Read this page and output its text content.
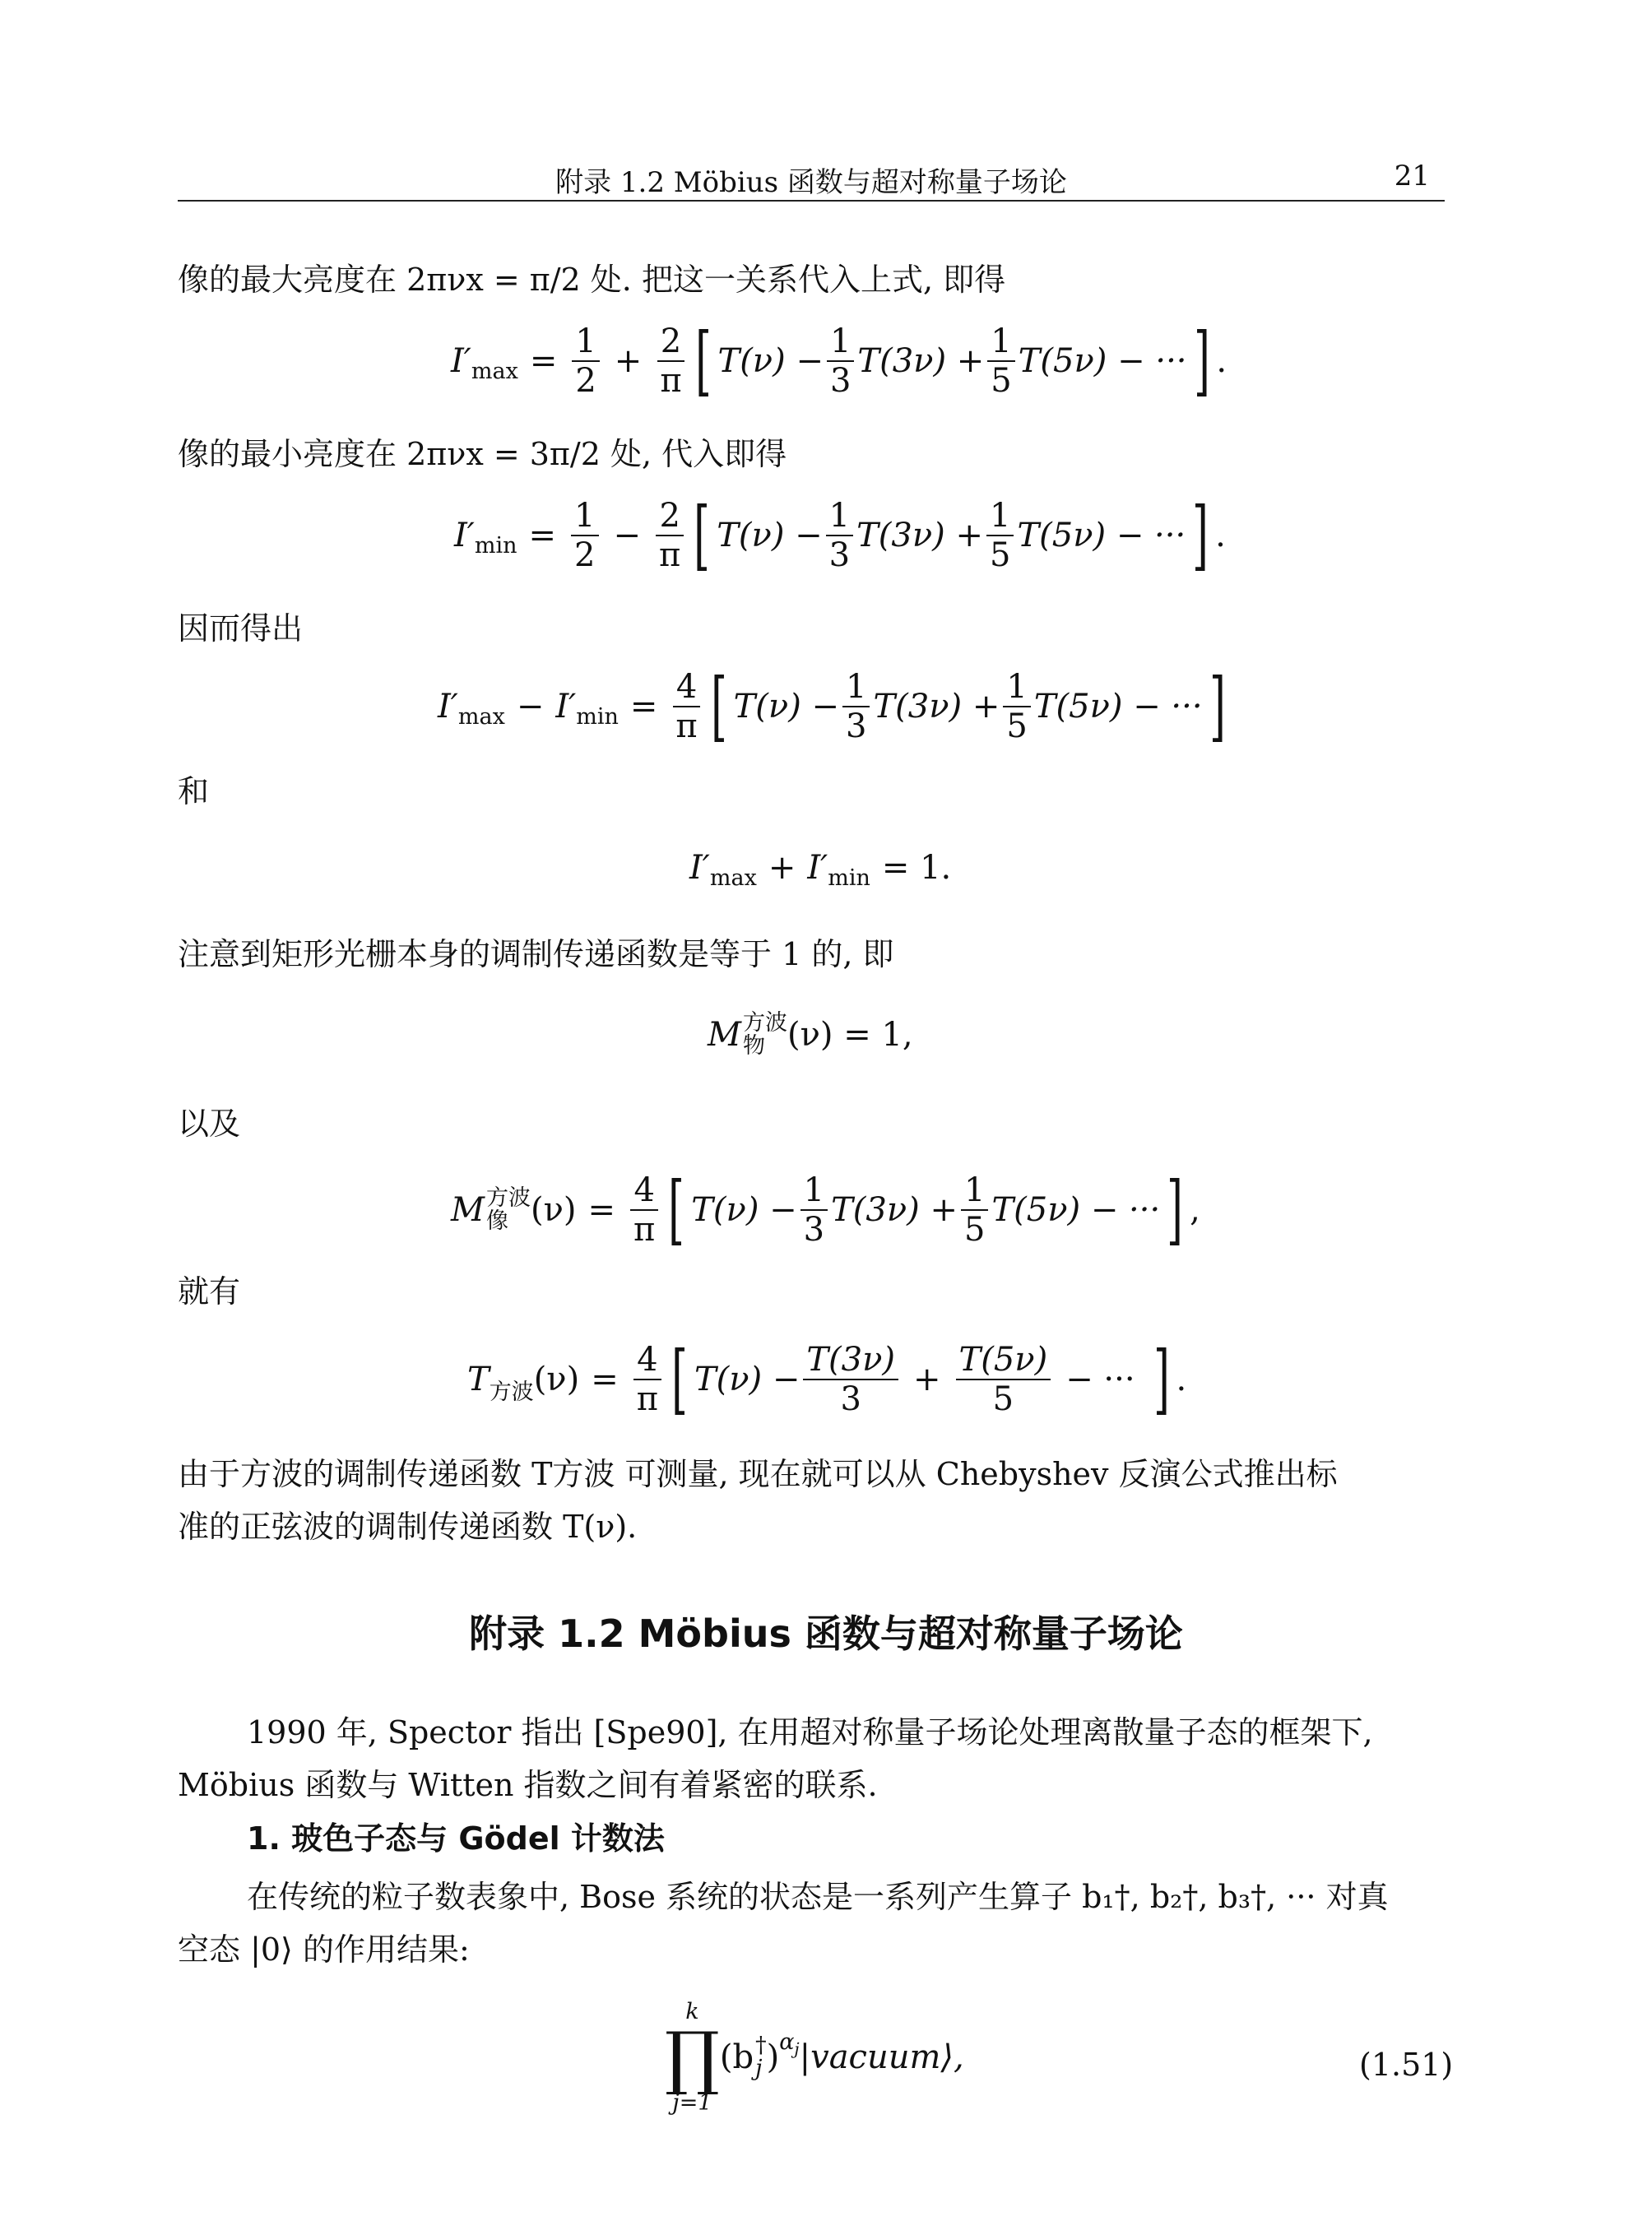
附录 1.2 Möbius 函数与超对称量子场论	21
像的最大亮度在 2πνx = π/2 处. 把这一关系代入上式, 即得
I′ $\max = \frac{1}{2} + \frac{2}{\pi}$ [ $T(\nu) - \frac{1}{3} T(3\nu) + \frac{1}{5} T(5\nu)$ − ··· ] .
像的最小亮度在 2πνx = 3π/2 处, 代入即得
I′ $\min = \frac{1}{2} - \frac{2}{\pi}$ [ $T(\nu) - \frac{1}{3} T(3\nu) + \frac{1}{5} T(5\nu)$ − ··· ] .
因而得出
I′ max − I′ $\min = \frac{4}{\pi}$ [ $T(\nu) - \frac{1}{3} T(3\nu) + \frac{1}{5} T(5\nu)$ − ··· ]
和
I′ max + I′ min = 1.
注意到矩形光栅本身的调制传递函数是等于 1 的, 即
M 方波
物 (ν) = 1,
以及
M 方波
像 $(\nu) = \frac{4}{\pi}$ [ $T(\nu) - \frac{1}{3} T(3\nu) + \frac{1}{5} T(5\nu)$ − ··· ] ,
就有
T 方波 $(\nu) = \frac{4}{\pi}$ [ $T(\nu) - \frac{T(3\nu)}{3} + \frac{T(5\nu)}{5}$ − ··· ] .
由于方波的调制传递函数 T方波 可测量, 现在就可以从 Chebyshev 反演公式推出标
准的正弦波的调制传递函数 T(ν).
附录 1.2 Möbius 函数与超对称量子场论
1990 年, Spector 指出 [Spe90], 在用超对称量子场论处理离散量子态的框架下,
Möbius 函数与 Witten 指数之间有着紧密的联系.
1. 玻色子态与 Gödel 计数法
在传统的粒子数表象中, Bose 系统的状态是一系列产生算子 b₁†, b₂†, b₃†, ··· 对真
空态 |0⟩ 的作用结果:
k
∏
j=1
(b †
j ) $\alpha_j$ |vacuum⟩,	(1.51)
